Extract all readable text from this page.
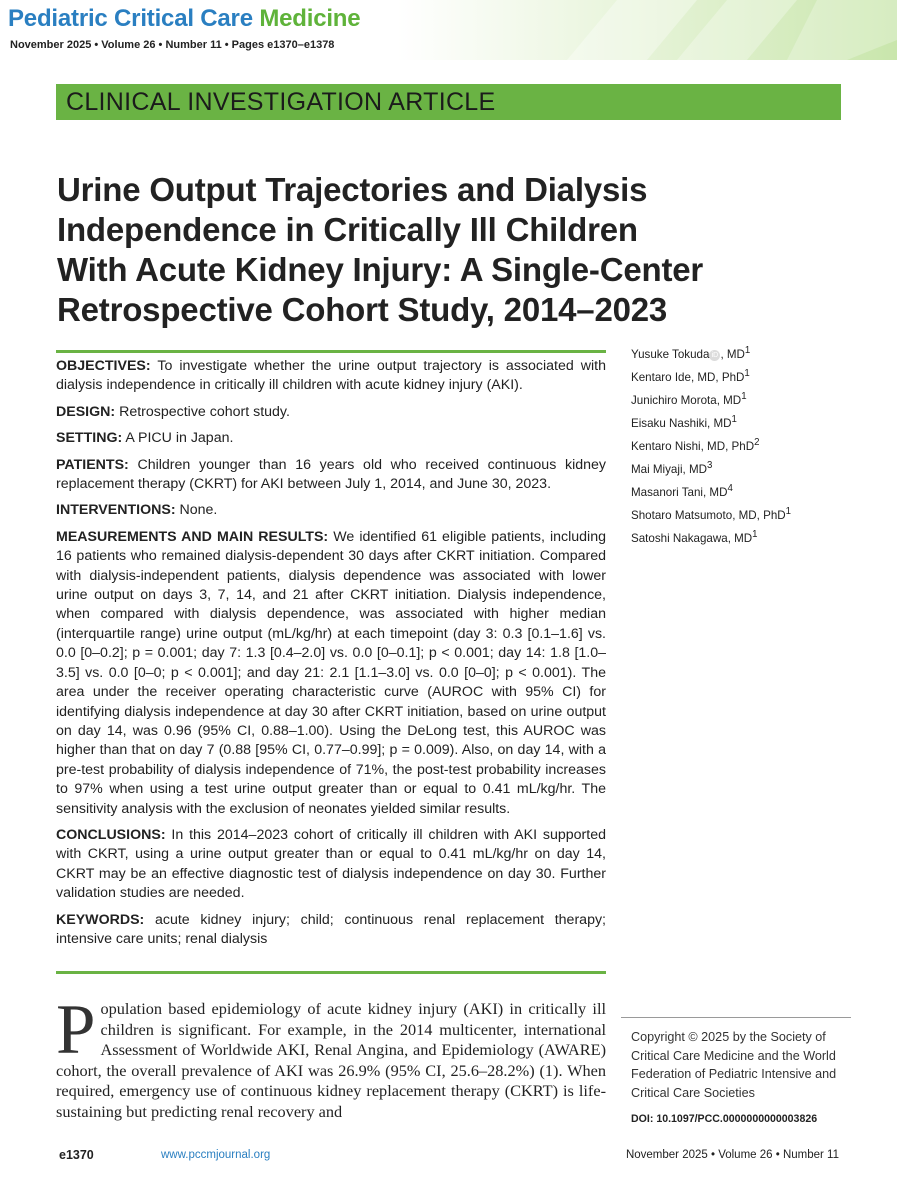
Pediatric Critical Care Medicine
November 2025 • Volume 26 • Number 11 • Pages e1370–e1378
CLINICAL INVESTIGATION ARTICLE
Urine Output Trajectories and Dialysis
Independence in Critically Ill Children
With Acute Kidney Injury: A Single-Center
Retrospective Cohort Study, 2014–2023

OBJECTIVES: To investigate whether the urine output trajectory is associated with dialysis independence in critically ill children with acute kidney injury (AKI).

DESIGN: Retrospective cohort study.

SETTING: A PICU in Japan.

PATIENTS: Children younger than 16 years old who received continuous kidney replacement therapy (CKRT) for AKI between July 1, 2014, and June 30, 2023.

INTERVENTIONS: None.

MEASUREMENTS AND MAIN RESULTS: We identified 61 eligible patients, including 16 patients who remained dialysis-dependent 30 days after CKRT initiation. Compared with dialysis-independent patients, dialysis dependence was associated with lower urine output on days 3, 7, 14, and 21 after CKRT initiation. Dialysis independence, when compared with dialysis dependence, was associated with higher median (interquartile range) urine output (mL/kg/hr) at each timepoint (day 3: 0.3 [0.1–1.6] vs. 0.0 [0–0.2]; p = 0.001; day 7: 1.3 [0.4–2.0] vs. 0.0 [0–0.1]; p < 0.001; day 14: 1.8 [1.0–3.5] vs. 0.0 [0–0; p < 0.001]; and day 21: 2.1 [1.1–3.0] vs. 0.0 [0–0]; p < 0.001). The area under the receiver operating characteristic curve (AUROC with 95% CI) for identifying dialysis independence at day 30 after CKRT initiation, based on urine output on day 14, was 0.96 (95% CI, 0.88–1.00). Using the DeLong test, this AUROC was higher than that on day 7 (0.88 [95% CI, 0.77–0.99]; p = 0.009). Also, on day 14, with a pre-test probability of dialysis independence of 71%, the post-test probability increases to 97% when using a test urine output greater than or equal to 0.41 mL/kg/hr. The sensitivity analysis with the exclusion of neonates yielded similar results.

CONCLUSIONS: In this 2014–2023 cohort of critically ill children with AKI supported with CKRT, using a urine output greater than or equal to 0.41 mL/kg/hr on day 14, CKRT may be an effective diagnostic test of dialysis independence on day 30. Further validation studies are needed.

KEYWORDS: acute kidney injury; child; continuous renal replacement therapy; intensive care units; renal dialysis

Yusuke Tokuda iD , $MD^1$
Kentaro Ide, MD, PhD$^1$
Junichiro Morota, $MD^1$
Eisaku Nashiki, $MD^1$
Kentaro Nishi, MD, PhD$^2$
Mai Miyaji, $MD^3$
Masanori Tani, $MD^4$
Shotaro Matsumoto, MD, PhD$^1$
Satoshi Nakagawa, $MD^1$

Population based epidemiology of acute kidney injury (AKI) in critically ill children is significant. For example, in the 2014 multicenter, international Assessment of Worldwide AKI, Renal Angina, and Epidemiology (AWARE) cohort, the overall prevalence of AKI was 26.9% (95% CI, 25.6–28.2%) (1). When required, emergency use of continuous kidney replacement therapy (CKRT) is life-sustaining but predicting renal recovery and

Copyright © 2025 by the Society of Critical Care Medicine and the World Federation of Pediatric Intensive and Critical Care Societies
DOI: 10.1097/PCC.0000000000003826
e1370	www.pccmjournal.org	November 2025 • Volume 26 • Number 11
